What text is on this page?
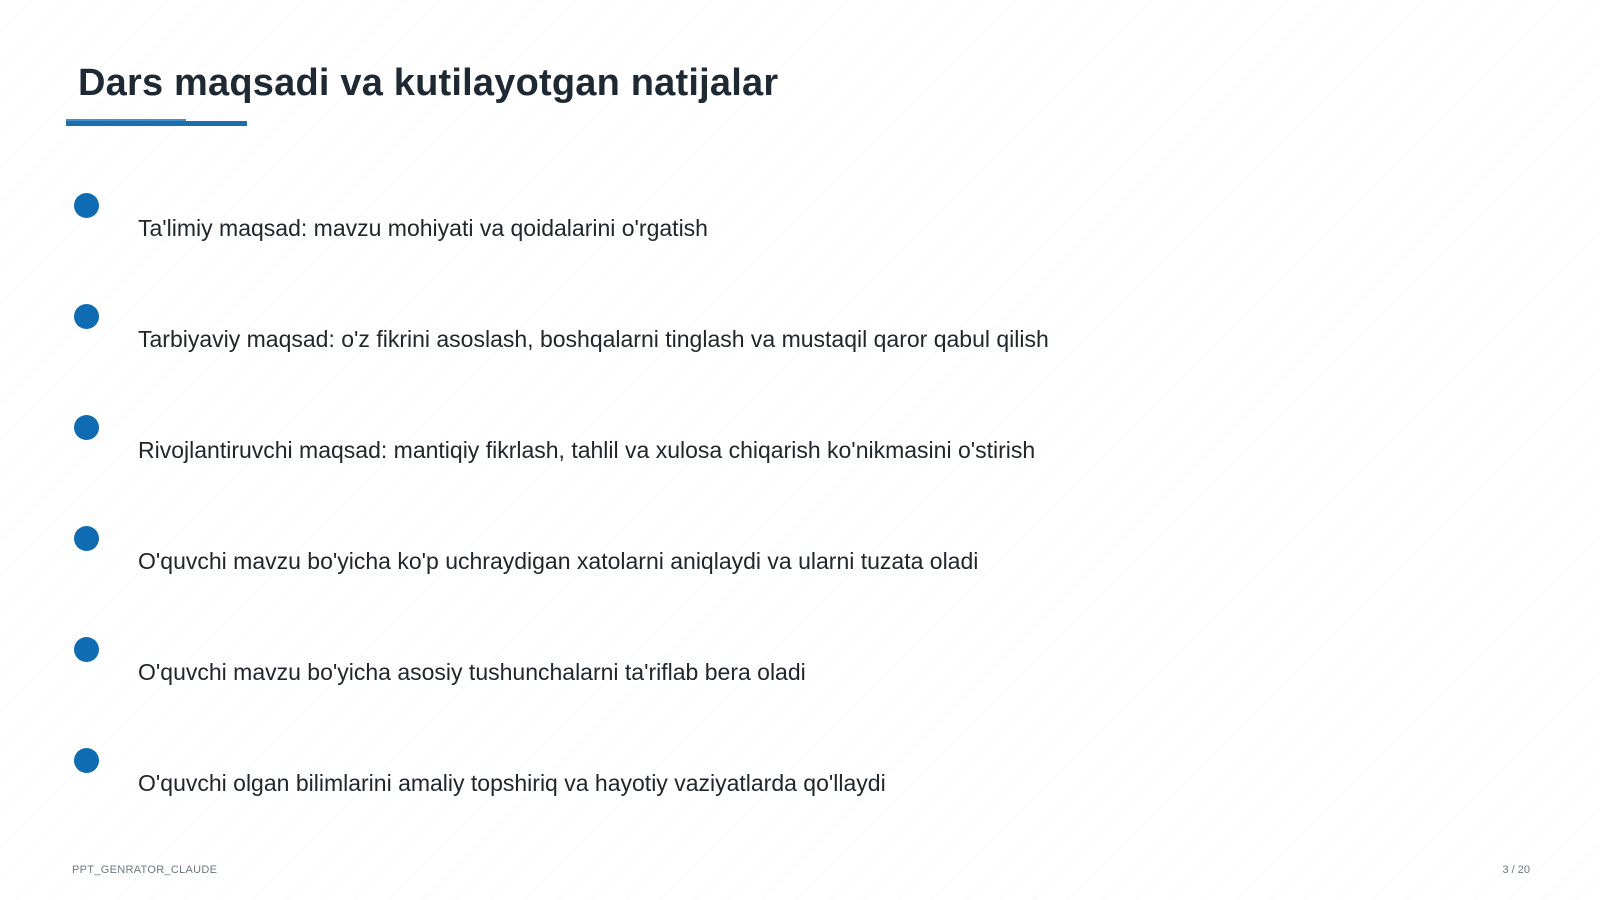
Dars maqsadi va kutilayotgan natijalar
Ta'limiy maqsad: mavzu mohiyati va qoidalarini o'rgatish
Tarbiyaviy maqsad: o'z fikrini asoslash, boshqalarni tinglash va mustaqil qaror qabul qilish
Rivojlantiruvchi maqsad: mantiqiy fikrlash, tahlil va xulosa chiqarish ko'nikmasini o'stirish
O'quvchi mavzu bo'yicha ko'p uchraydigan xatolarni aniqlaydi va ularni tuzata oladi
O'quvchi mavzu bo'yicha asosiy tushunchalarni ta'riflab bera oladi
O'quvchi olgan bilimlarini amaliy topshiriq va hayotiy vaziyatlarda qo'llaydi
PPT_GENRATOR_CLAUDE	3 / 20
